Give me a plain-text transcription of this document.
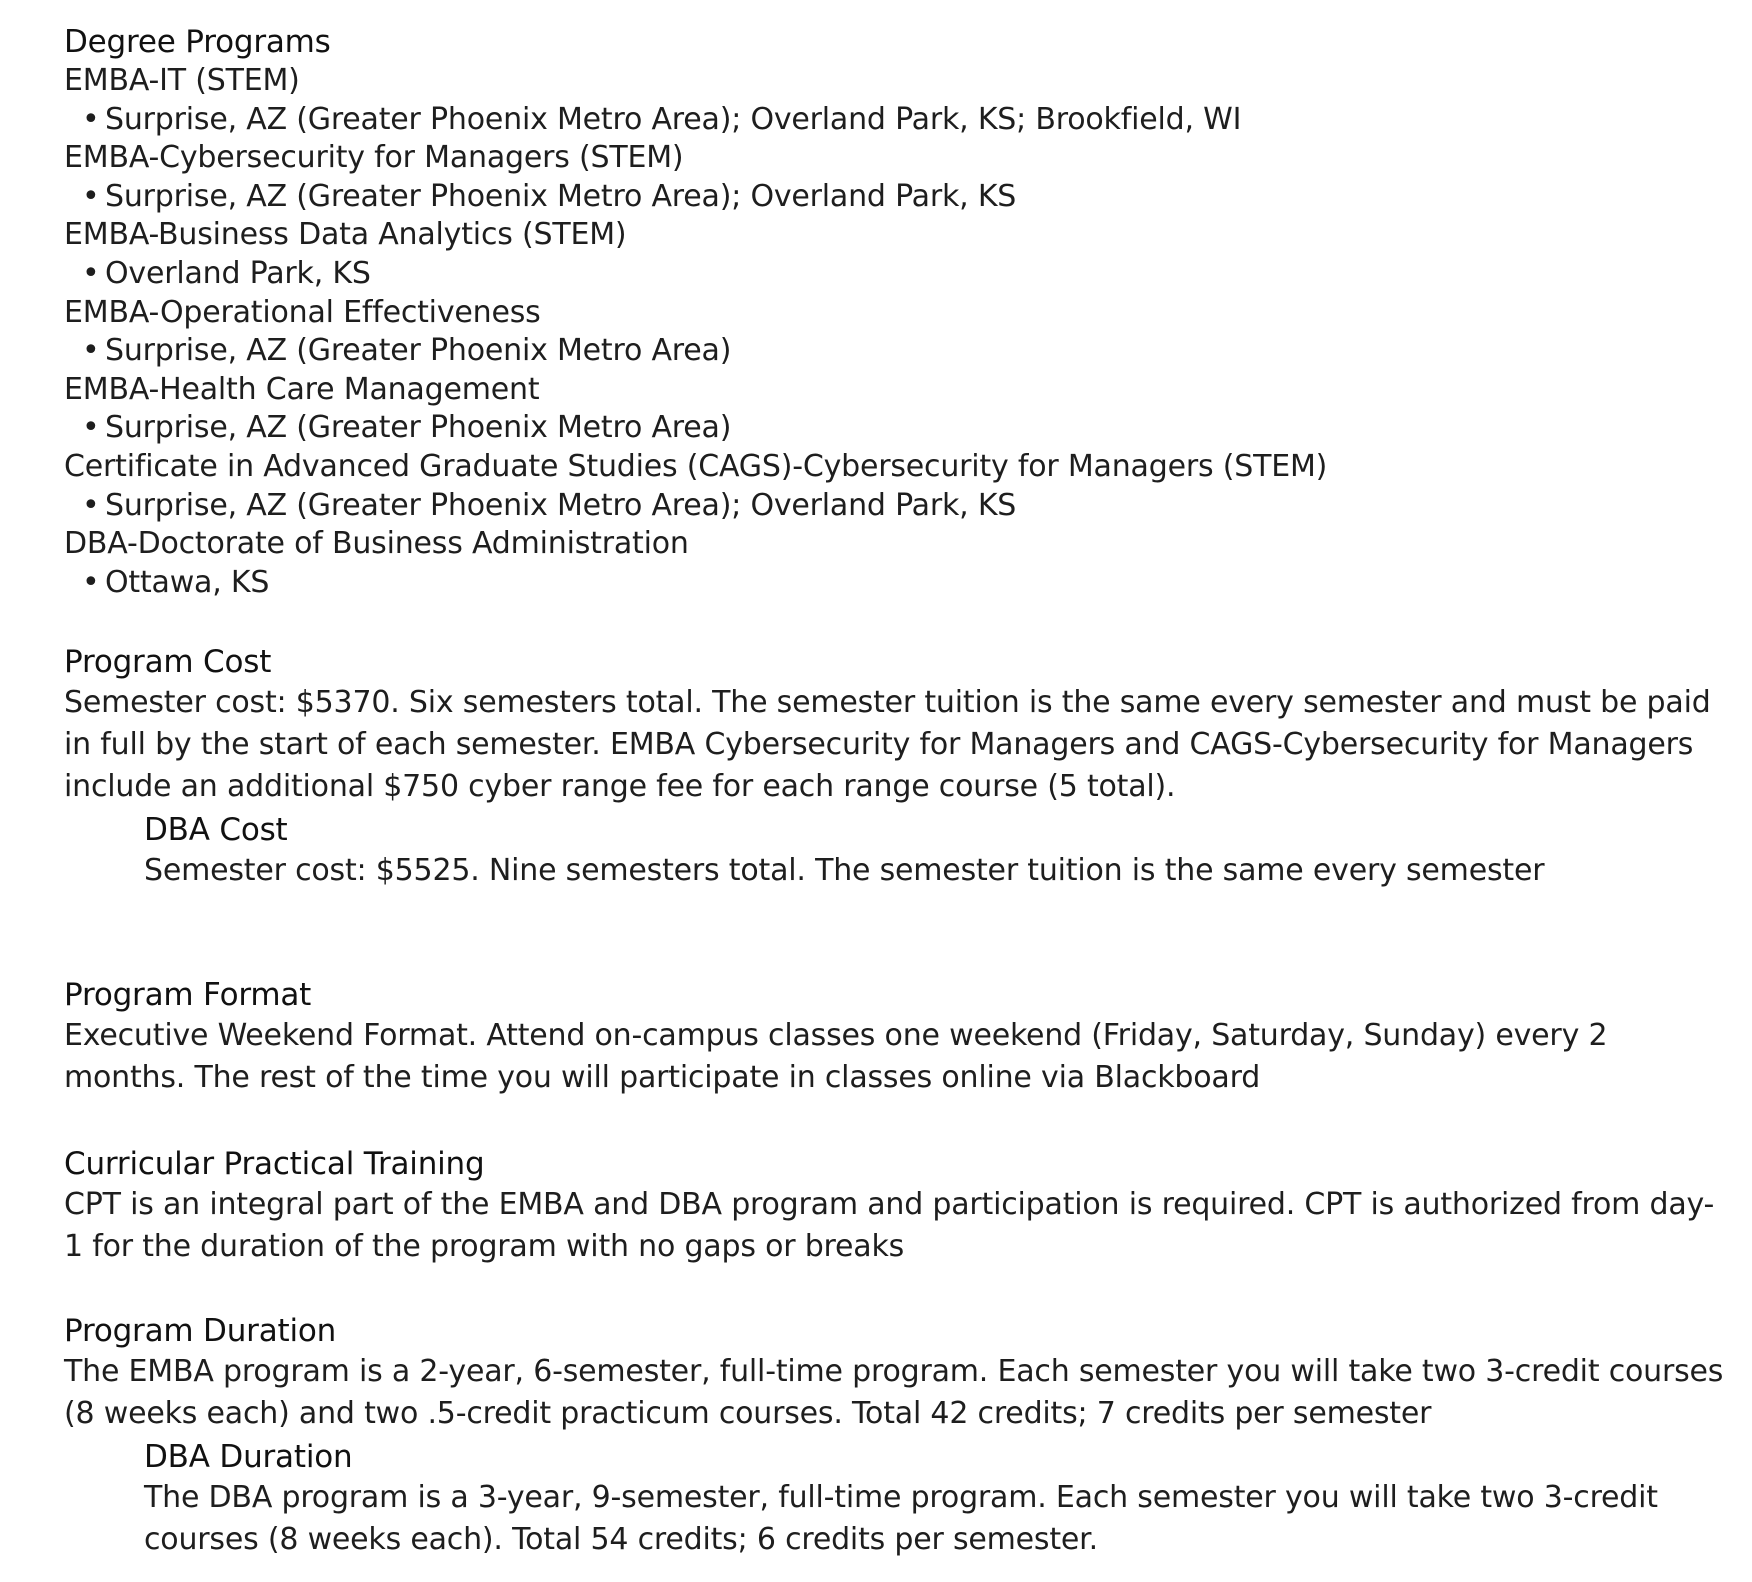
Degree Programs
EMBA-IT (STEM)
• Surprise, AZ (Greater Phoenix Metro Area); Overland Park, KS; Brookfield, WI
EMBA-Cybersecurity for Managers (STEM)
• Surprise, AZ (Greater Phoenix Metro Area); Overland Park, KS
EMBA-Business Data Analytics (STEM)
• Overland Park, KS
EMBA-Operational Effectiveness
• Surprise, AZ (Greater Phoenix Metro Area)
EMBA-Health Care Management
• Surprise, AZ (Greater Phoenix Metro Area)
Certificate in Advanced Graduate Studies (CAGS)-Cybersecurity for Managers (STEM)
• Surprise, AZ (Greater Phoenix Metro Area); Overland Park, KS
DBA-Doctorate of Business Administration
• Ottawa, KS
Program Cost
Semester cost: $5370. Six semesters total. The semester tuition is the same every semester and must be paid in full by the start of each semester. EMBA Cybersecurity for Managers and CAGS-Cybersecurity for Managers include an additional $750 cyber range fee for each range course (5 total).
DBA Cost
Semester cost: $5525. Nine semesters total. The semester tuition is the same every semester
Program Format
Executive Weekend Format. Attend on-campus classes one weekend (Friday, Saturday, Sunday) every 2 months. The rest of the time you will participate in classes online via Blackboard
Curricular Practical Training
CPT is an integral part of the EMBA and DBA program and participation is required. CPT is authorized from day-1 for the duration of the program with no gaps or breaks
Program Duration
The EMBA program is a 2-year, 6-semester, full-time program. Each semester you will take two 3-credit courses (8 weeks each) and two .5-credit practicum courses. Total 42 credits; 7 credits per semester
DBA Duration
The DBA program is a 3-year, 9-semester, full-time program. Each semester you will take two 3-credit courses (8 weeks each). Total 54 credits; 6 credits per semester.
